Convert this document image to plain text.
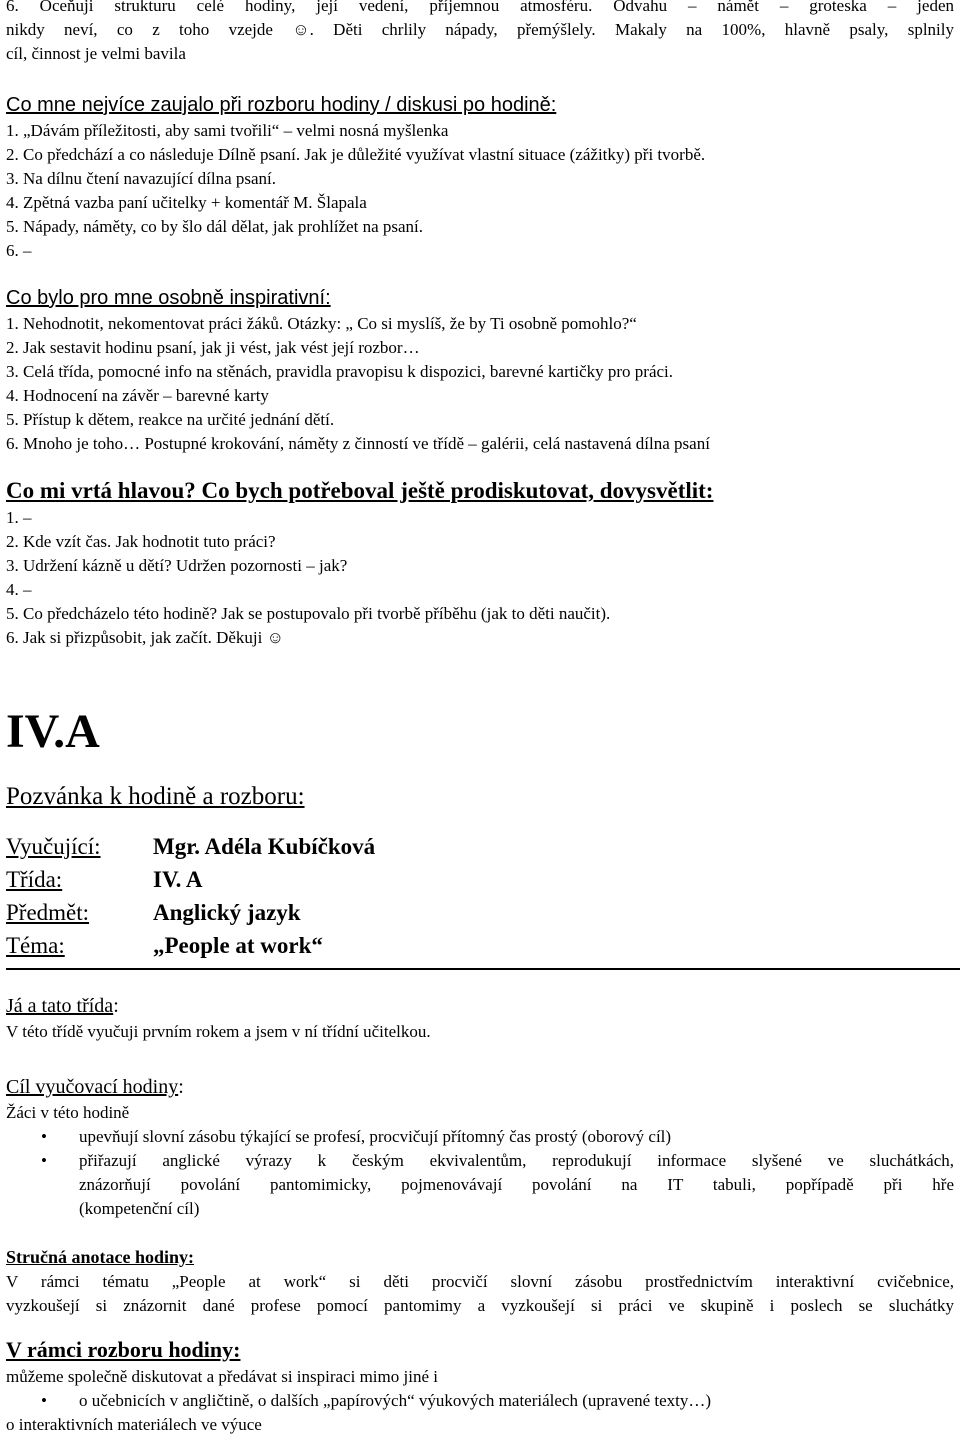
6. Oceňuji strukturu celé hodiny, její vedení, příjemnou atmosféru. Odvahu – námět – groteska – jeden
nikdy neví, co z toho vzejde ☺. Děti chrlily nápady, přemýšlely. Makaly na 100%, hlavně psaly, splnily
cíl, činnost je velmi bavila
Co mne nejvíce zaujalo při rozboru hodiny / diskusi po hodině:
1. „Dávám příležitosti, aby sami tvořili“ – velmi nosná myšlenka
2. Co předchází a co následuje Dílně psaní. Jak je důležité využívat vlastní situace (zážitky) při tvorbě.
3. Na dílnu čtení navazující dílna psaní.
4. Zpětná vazba paní učitelky + komentář M. Šlapala
5. Nápady, náměty, co by šlo dál dělat, jak prohlížet na psaní.
6. –
Co bylo pro mne osobně inspirativní:
1. Nehodnotit, nekomentovat práci žáků. Otázky: „ Co si myslíš, že by Ti osobně pomohlo?“
2. Jak sestavit hodinu psaní, jak ji vést, jak vést její rozbor…
3. Celá třída, pomocné info na stěnách, pravidla pravopisu k dispozici, barevné kartičky pro práci.
4. Hodnocení na závěr – barevné karty
5. Přístup k dětem, reakce na určité jednání dětí.
6. Mnoho je toho… Postupné krokování, náměty z činností ve třídě – galérii, celá nastavená dílna psaní
Co mi vrtá hlavou? Co bych potřeboval ještě prodiskutovat, dovysvětlit:
1. –
2. Kde vzít čas. Jak hodnotit tuto práci?
3. Udržení kázně u dětí? Udržen pozornosti – jak?
4. –
5. Co předcházelo této hodině? Jak se postupovalo při tvorbě příběhu (jak to děti naučit).
6. Jak si přizpůsobit, jak začít. Děkuji ☺
IV.A
Pozvánka k hodině a rozboru:
Vyučující: Mgr. Adéla Kubíčková
Třída:	IV. A
Předmět:	Anglický jazyk
Téma:	„People at work“
Já a tato třída:
V této třídě vyučuji prvním rokem a jsem v ní třídní učitelkou.
Cíl vyučovací hodiny:
Žáci v této hodině
• upevňují slovní zásobu týkající se profesí, procvičují přítomný čas prostý (oborový cíl)
• přiřazují anglické výrazy k českým ekvivalentům, reprodukují informace slyšené ve sluchátkách,
znázorňují povolání pantomimicky, pojmenovávají povolání na IT tabuli, popřípadě při hře
(kompetenční cíl)
Stručná anotace hodiny:
V rámci tématu „People at work“ si děti procvičí slovní zásobu prostřednictvím interaktivní cvičebnice,
vyzkoušejí si znázornit dané profese pomocí pantomimy a vyzkoušejí si práci ve skupině i poslech se sluchátky
V rámci rozboru hodiny:
můžeme společně diskutovat a předávat si inspiraci mimo jiné i
• o učebnicích v angličtině, o dalších „papírových“ výukových materiálech (upravené texty…)
o interaktivních materiálech ve výuce
